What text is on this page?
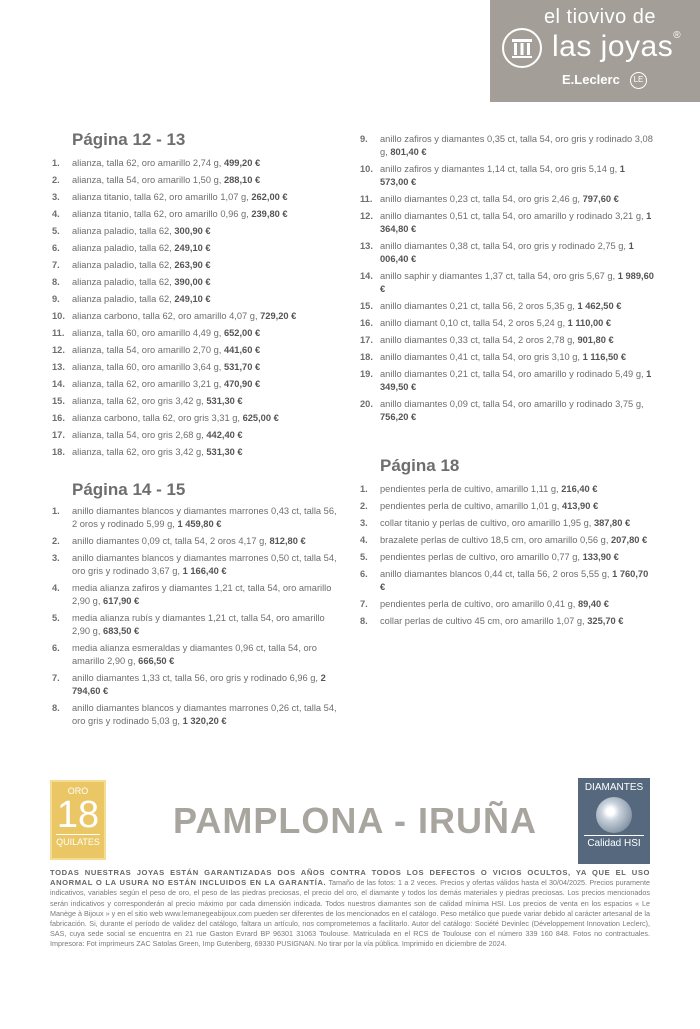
el tiovivo de
las joyas®
E.Leclerc	LE
Página 12 - 13
1. alianza, talla 62, oro amarillo 2,74 g, 499,20 €
2. alianza, talla 54, oro amarillo 1,50 g, 288,10 €
3. alianza titanio, talla 62, oro amarillo 1,07 g, 262,00 €
4. alianza titanio, talla 62, oro amarillo 0,96 g, 239,80 €
5. alianza paladio, talla 62, 300,90 €
6. alianza paladio, talla 62, 249,10 €
7. alianza paladio, talla 62, 263,90 €
8. alianza paladio, talla 62, 390,00 €
9. alianza paladio, talla 62, 249,10 €
10. alianza carbono, talla 62, oro amarillo 4,07 g, 729,20 €
11. alianza, talla 60, oro amarillo 4,49 g, 652,00 €
12. alianza, talla 54, oro amarillo 2,70 g, 441,60 €
13. alianza, talla 60, oro amarillo 3,64 g, 531,70 €
14. alianza, talla 62, oro amarillo 3,21 g, 470,90 €
15. alianza, talla 62, oro gris 3,42 g, 531,30 €
16. alianza carbono, talla 62, oro gris 3,31 g, 625,00 €
17. alianza, talla 54, oro gris 2,68 g, 442,40 €
18. alianza, talla 62, oro gris 3,42 g, 531,30 €
Página 14 - 15
1. anillo diamantes blancos y diamantes marrones 0,43 ct, talla 56, 2 oros y rodinado 5,99 g, 1 459,80 €
2. anillo diamantes 0,09 ct, talla 54, 2 oros 4,17 g, 812,80 €
3. anillo diamantes blancos y diamantes marrones 0,50 ct, talla 54, oro gris y rodinado 3,67 g, 1 166,40 €
4. media alianza zafiros y diamantes 1,21 ct, talla 54, oro amarillo 2,90 g, 617,90 €
5. media alianza rubís y diamantes 1,21 ct, talla 54, oro amarillo 2,90 g, 683,50 €
6. media alianza esmeraldas y diamantes 0,96 ct, talla 54, oro amarillo 2,90 g, 666,50 €
7. anillo diamantes 1,33 ct, talla 56, oro gris y rodinado 6,96 g, 2 794,60 €
8. anillo diamantes blancos y diamantes marrones 0,26 ct, talla 54, oro gris y rodinado 5,03 g, 1 320,20 €
9. anillo zafiros y diamantes 0,35 ct, talla 54, oro gris y rodinado 3,08 g, 801,40 €
10. anillo zafiros y diamantes 1,14 ct, talla 54, oro gris 5,14 g, 1 573,00 €
11. anillo diamantes 0,23 ct, talla 54, oro gris 2,46 g, 797,60 €
12. anillo diamantes 0,51 ct, talla 54, oro amarillo y rodinado 3,21 g, 1 364,80 €
13. anillo diamantes 0,38 ct, talla 54, oro gris y rodinado 2,75 g, 1 006,40 €
14. anillo saphir y diamantes 1,37 ct, talla 54, oro gris 5,67 g, 1 989,60 €
15. anillo diamantes 0,21 ct, talla 56, 2 oros 5,35 g, 1 462,50 €
16. anillo diamant 0,10 ct, talla 54, 2 oros 5,24 g, 1 110,00 €
17. anillo diamantes 0,33 ct, talla 54, 2 oros 2,78 g, 901,80 €
18. anillo diamantes 0,41 ct, talla 54, oro gris 3,10 g, 1 116,50 €
19. anillo diamantes 0,21 ct, talla 54, oro amarillo y rodinado 5,49 g, 1 349,50 €
20. anillo diamantes 0,09 ct, talla 54, oro amarillo y rodinado 3,75 g, 756,20 €
Página 18
1. pendientes perla de cultivo, amarillo 1,11 g, 216,40 €
2. pendientes perla de cultivo, amarillo 1,01 g, 413,90 €
3. collar titanio y perlas de cultivo, oro amarillo 1,95 g, 387,80 €
4. brazalete perlas de cultivo 18,5 cm, oro amarillo 0,56 g, 207,80 €
5. pendientes perlas de cultivo, oro amarillo 0,77 g, 133,90 €
6. anillo diamantes blancos 0,44 ct, talla 56, 2 oros 5,55 g, 1 760,70 €
7. pendientes perla de cultivo, oro amarillo 0,41 g, 89,40 €
8. collar perlas de cultivo 45 cm, oro amarillo 1,07 g, 325,70 €
ORO
18
QUILATES
PAMPLONA - IRUÑA
DIAMANTES
Calidad HSI
TODAS NUESTRAS JOYAS ESTÁN GARANTIZADAS DOS AÑOS CONTRA TODOS LOS DEFECTOS O VICIOS OCULTOS, YA QUE EL USO ANORMAL O LA USURA NO ESTÁN INCLUIDOS EN LA GARANTÍA. Tamaño de las fotos: 1 a 2 veces. Precios y ofertas válidos hasta el 30/04/2025. Precios puramente indicativos, variables según el peso de oro, el peso de las piedras preciosas, el precio del oro, el diamante y todos los demás materiales y piedras preciosas. Los precios mencionados serán indicativos y corresponderán al precio máximo por cada dimensión indicada. Todos nuestros diamantes son de calidad mínima HSI. Los precios de venta en los espacios « Le Manège à Bijoux » y en el sitio web www.lemanegeabijoux.com pueden ser diferentes de los mencionados en el catálogo. Peso metálico que puede variar debido al carácter artesanal de la fabricación. Si, durante el período de validez del catálogo, faltara un artículo, nos comprometemos a facilitarlo. Autor del catálogo: Société Devinlec (Développement Innovation Leclerc), SAS, cuya sede social se encuentra en 21 rue Gaston Evrard BP 96301 31063 Toulouse. Matriculada en el RCS de Toulouse con el número 339 160 848. Fotos no contractuales. Impresora: Fot imprimeurs ZAC Satolas Green, Imp Gutenberg, 69330 PUSIGNAN. No tirar por la vía pública. Imprimido en diciembre de 2024.
